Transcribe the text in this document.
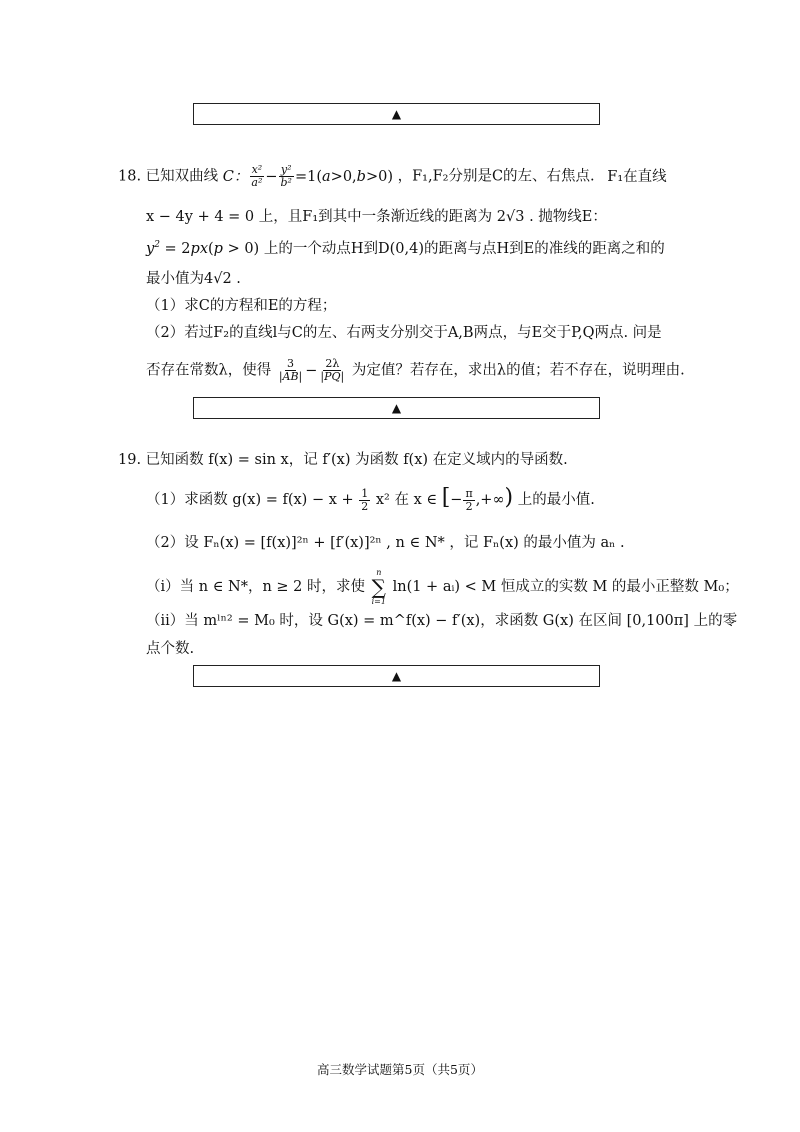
▲
18. 已知双曲线 C： $\frac{\text{x²}}{\text{a²}} - \frac{\text{y²}}{\text{b²}} =1(a>0,b>0)$ ，F₁,F₂分别是C的左、右焦点. F₁在直线
x − 4y + 4 = 0 上，且F₁到其中一条渐近线的距离为 2√3 . 抛物线E：
$y^2 = 2px(p > 0)$ 上的一个动点H到D(0,4)的距离与点H到E的准线的距离之和的
最小值为4√2 .
（1）求C的方程和E的方程；
（2）若过F₂的直线l与C的左、右两支分别交于A,B两点，与E交于P,Q两点. 问是
否存在常数λ，使得 $\frac{3}{|AB|} - \frac{2\lambda}{|PQ|}$ 为定值？若存在，求出λ的值；若不存在，说明理由.
▲
19. 已知函数 f(x) = sin x，记 f′(x) 为函数 f(x) 在定义域内的导函数.
（1）求函数 $g(x) = f(x) - x + \frac{1}{2} x^2$ 在 x ∈ [− $\frac{\pi}{2}$ ,+∞) 上的最小值.
（2）设 Fₙ(x) = [f(x)]²ⁿ + [f′(x)]²ⁿ , n ∈ N* ，记 Fₙ(x) 的最小值为 aₙ .
（ⅰ）当 n ∈ N*，n ≥ 2 时，求使
n
∑
i=1
ln(1 + aᵢ) < M 恒成立的实数 M 的最小正整数 M₀；
（ⅱ）当 mˡⁿ² = M₀ 时，设 G(x) = m^f(x) − f′(x)，求函数 G(x) 在区间 [0,100π] 上的零
点个数.
▲
高三数学试题第5页（共5页）
